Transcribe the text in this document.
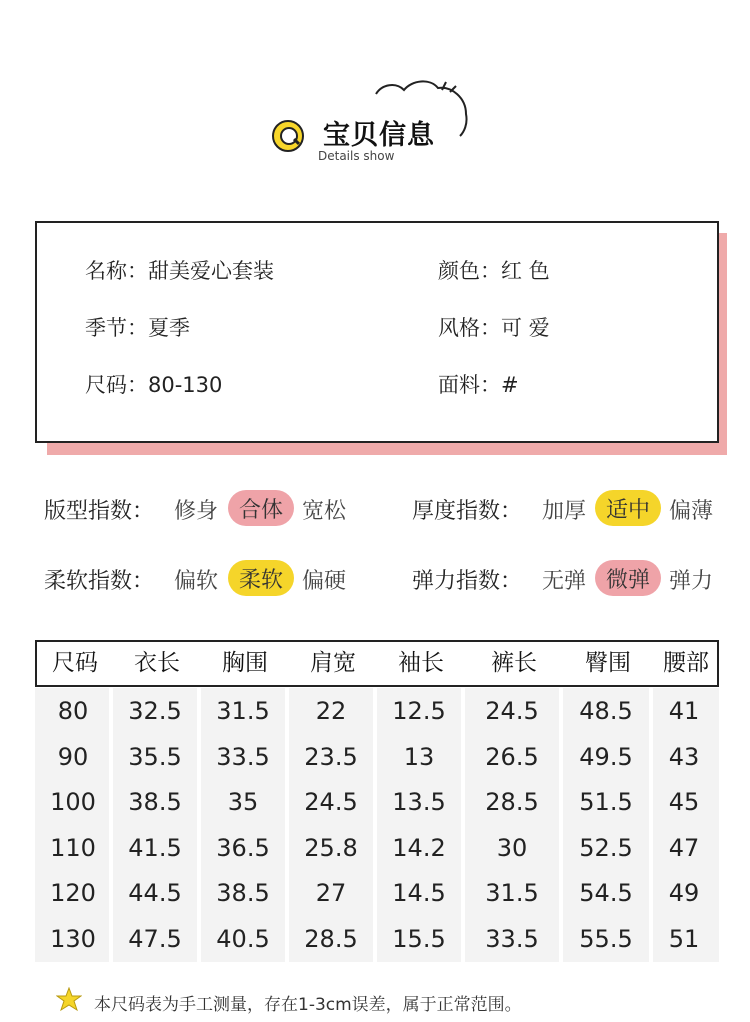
宝贝信息
Details show
名称：甜美爱心套装	颜色：红 色
季节：夏季	风格：可 爱
尺码：80-130	面料：#
版型指数： 修身 合体 宽松	厚度指数： 加厚 适中 偏薄
柔软指数： 偏软 柔软 偏硬	弹力指数： 无弹 微弹 弹力
尺码	衣长	胸围	肩宽	袖长	裤长	臀围	腰部
80	32.5	31.5	22	12.5	24.5	48.5	41
90	35.5	33.5	23.5	13	26.5	49.5	43
100	38.5	35	24.5	13.5	28.5	51.5	45
110	41.5	36.5	25.8	14.2	30	52.5	47
120	44.5	38.5	27	14.5	31.5	54.5	49
130	47.5	40.5	28.5	15.5	33.5	55.5	51
本尺码表为手工测量，存在1-3cm误差，属于正常范围。
